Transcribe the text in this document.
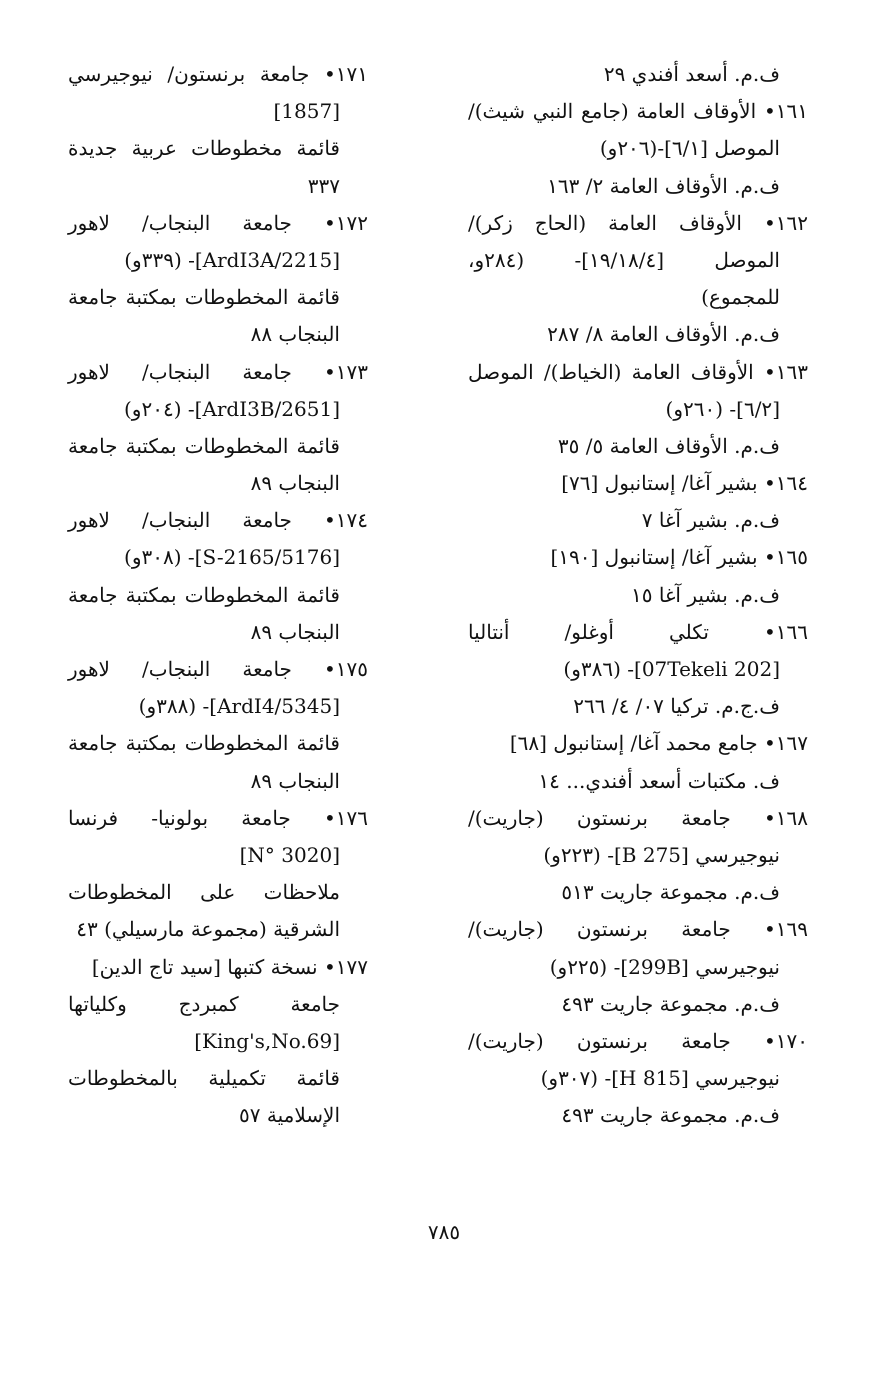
ف.م. أسعد أفندي ٢٩
١٦١• الأوقاف العامة (جامع النبي شيث)/
الموصل [٦/١]-(٢٠٦و)
ف.م. الأوقاف العامة ٢/ ١٦٣
١٦٢• الأوقاف العامة (الحاج زكر)/
الموصل [١٩/١٨/٤]- (٢٨٤و،
للمجموع)
ف.م. الأوقاف العامة ٨/ ٢٨٧
١٦٣• الأوقاف العامة (الخياط)/ الموصل
[٦/٢]- (٢٦٠و)
ف.م. الأوقاف العامة ٥/ ٣٥
١٦٤• بشير آغا/ إستانبول [٧٦]
ف.م. بشير آغا ٧
١٦٥• بشير آغا/ إستانبول [١٩٠]
ف.م. بشير آغا ١٥
١٦٦• تكلي أوغلو/ أنتاليا
[07Tekeli 202]- (٣٨٦و)
ف.ج.م. تركيا ٠٧/ ٤/ ٢٦٦
١٦٧• جامع محمد آغا/ إستانبول [٦٨]
ف. مكتبات أسعد أفندي... ١٤
١٦٨• جامعة برنستون (جاريت)/
نيوجيرسي [275 B]- (٢٢٣و)
ف.م. مجموعة جاريت ٥١٣
١٦٩• جامعة برنستون (جاريت)/
نيوجيرسي [299B]- (٢٢٥و)
ف.م. مجموعة جاريت ٤٩٣
١٧٠• جامعة برنستون (جاريت)/
نيوجيرسي [815 H]- (٣٠٧و)
ف.م. مجموعة جاريت ٤٩٣
١٧١• جامعة برنستون/ نيوجيرسي
[1857]
قائمة مخطوطات عربية جديدة
٣٣٧
١٧٢• جامعة البنجاب/ لاهور
[ArdI3A/2215]- (٣٣٩و)
قائمة المخطوطات بمكتبة جامعة
البنجاب ٨٨
١٧٣• جامعة البنجاب/ لاهور
[ArdI3B/2651]- (٢٠٤و)
قائمة المخطوطات بمكتبة جامعة
البنجاب ٨٩
١٧٤• جامعة البنجاب/ لاهور
[S-2165/5176]- (٣٠٨و)
قائمة المخطوطات بمكتبة جامعة
البنجاب ٨٩
١٧٥• جامعة البنجاب/ لاهور
[ArdI4/5345]- (٣٨٨و)
قائمة المخطوطات بمكتبة جامعة
البنجاب ٨٩
١٧٦• جامعة بولونيا- فرنسا
[N° 3020]
ملاحظات على المخطوطات
الشرقية (مجموعة مارسيلي) ٤٣
١٧٧• نسخة كتبها [سيد تاج الدين]
جامعة كمبردج وكلياتها
[King's,No.69]
قائمة تكميلية بالمخطوطات
الإسلامية ٥٧
٧٨٥
